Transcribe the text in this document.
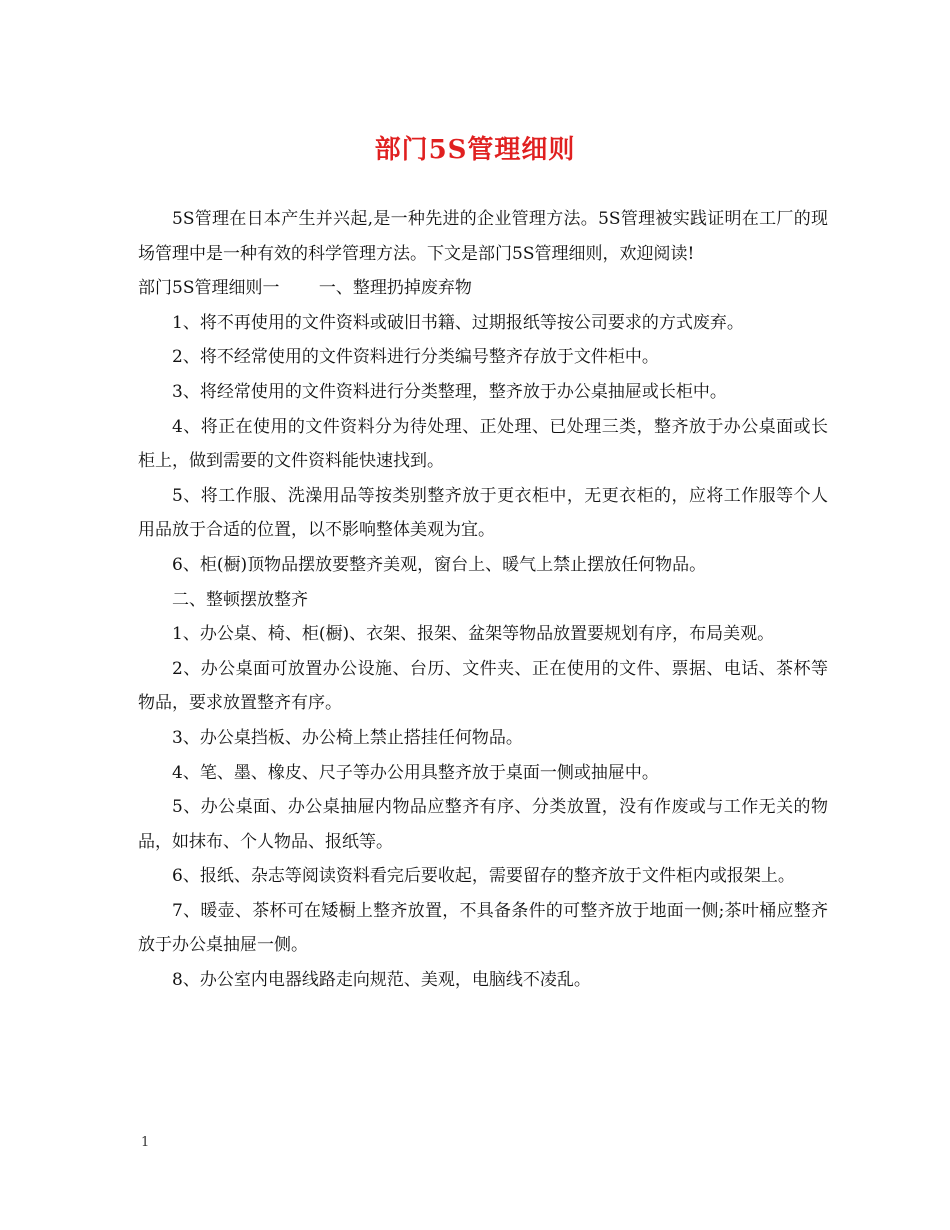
部门5S管理细则

5S管理在日本产生并兴起,是一种先进的企业管理方法。5S管理被实践证明在工厂的现场管理中是一种有效的科学管理方法。下文是部门5S管理细则，欢迎阅读!

部门5S管理细则一　　 一、整理扔掉废弃物

1、将不再使用的文件资料或破旧书籍、过期报纸等按公司要求的方式废弃。

2、将不经常使用的文件资料进行分类编号整齐存放于文件柜中。

3、将经常使用的文件资料进行分类整理，整齐放于办公桌抽屉或长柜中。

4、将正在使用的文件资料分为待处理、正处理、已处理三类，整齐放于办公桌面或长柜上，做到需要的文件资料能快速找到。

5、将工作服、洗澡用品等按类别整齐放于更衣柜中，无更衣柜的，应将工作服等个人用品放于合适的位置，以不影响整体美观为宜。

6、柜(橱)顶物品摆放要整齐美观，窗台上、暖气上禁止摆放任何物品。

二、整顿摆放整齐

1、办公桌、椅、柜(橱)、衣架、报架、盆架等物品放置要规划有序，布局美观。

2、办公桌面可放置办公设施、台历、文件夹、正在使用的文件、票据、电话、茶杯等物品，要求放置整齐有序。

3、办公桌挡板、办公椅上禁止搭挂任何物品。

4、笔、墨、橡皮、尺子等办公用具整齐放于桌面一侧或抽屉中。

5、办公桌面、办公桌抽屉内物品应整齐有序、分类放置，没有作废或与工作无关的物品，如抹布、个人物品、报纸等。

6、报纸、杂志等阅读资料看完后要收起，需要留存的整齐放于文件柜内或报架上。

7、暖壶、茶杯可在矮橱上整齐放置，不具备条件的可整齐放于地面一侧;茶叶桶应整齐放于办公桌抽屉一侧。

8、办公室内电器线路走向规范、美观，电脑线不凌乱。

1
